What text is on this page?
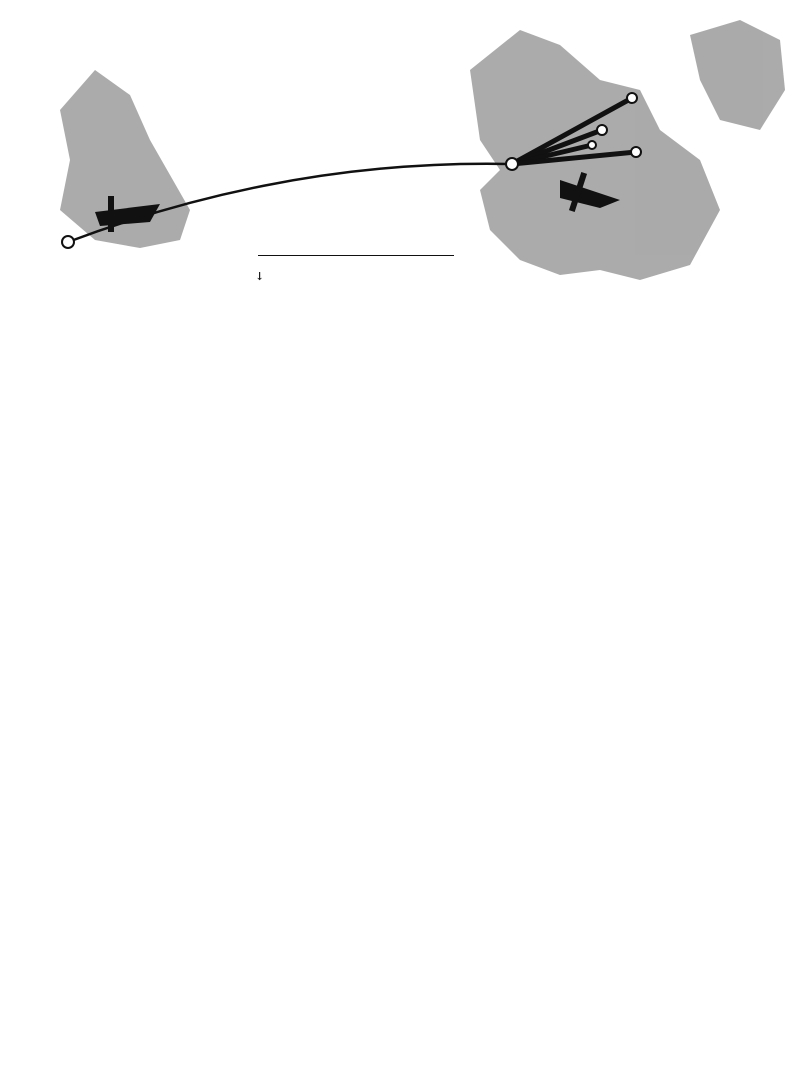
↓
